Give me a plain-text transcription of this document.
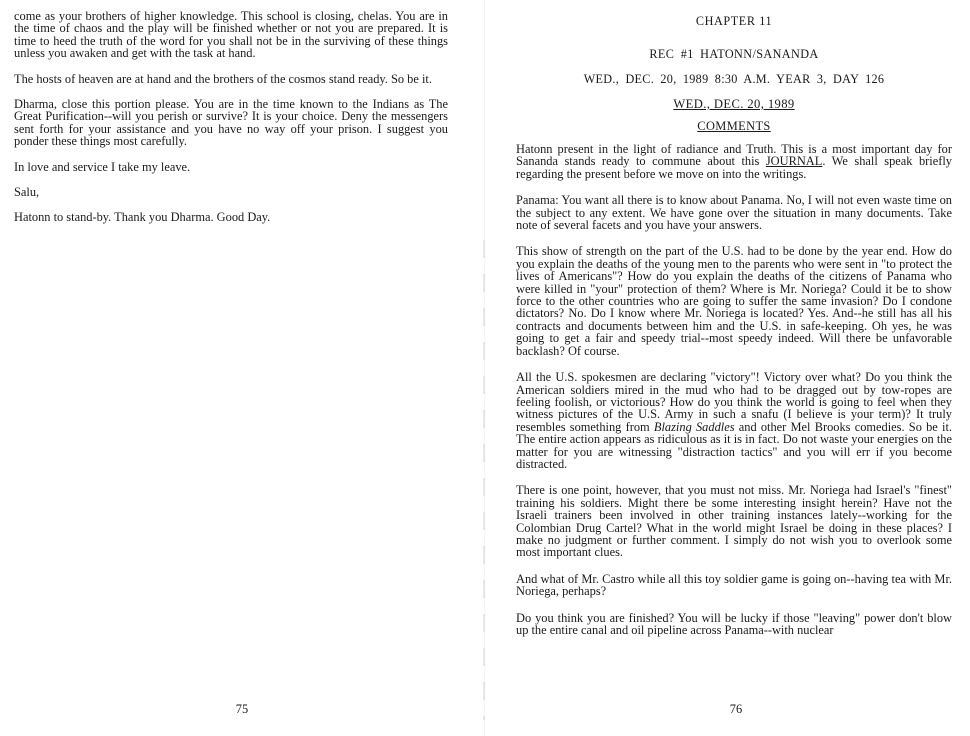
come as your brothers of higher knowledge. This school is closing, chelas. You are in the time of chaos and the play will be finished whether or not you are prepared. It is time to heed the truth of the word for you shall not be in the surviving of these things unless you awaken and get with the task at hand.

The hosts of heaven are at hand and the brothers of the cosmos stand ready. So be it.

Dharma, close this portion please. You are in the time known to the Indians as The Great Purification--will you perish or survive? It is your choice. Deny the messengers sent forth for your assistance and you have no way off your prison. I suggest you ponder these things most carefully.

In love and service I take my leave.

Salu,

Hatonn to stand-by. Thank you Dharma. Good Day.

75
CHAPTER 11
REC #1 HATONN/SANANDA
WED., DEC. 20, 1989 8:30 A.M. YEAR 3, DAY 126
WED., DEC. 20, 1989
COMMENTS

Hatonn present in the light of radiance and Truth. This is a most important day for Sananda stands ready to commune about this JOURNAL. We shall speak briefly regarding the present before we move on into the writings.

Panama: You want all there is to know about Panama. No, I will not even waste time on the subject to any extent. We have gone over the situation in many documents. Take note of several facets and you have your answers.

This show of strength on the part of the U.S. had to be done by the year end. How do you explain the deaths of the young men to the parents who were sent in "to protect the lives of Americans"? How do you explain the deaths of the citizens of Panama who were killed in "your" protection of them? Where is Mr. Noriega? Could it be to show force to the other countries who are going to suffer the same invasion? Do I condone dictators? No. Do I know where Mr. Noriega is located? Yes. And--he still has all his contracts and documents between him and the U.S. in safe-keeping. Oh yes, he was going to get a fair and speedy trial--most speedy indeed. Will there be unfavorable backlash? Of course.

All the U.S. spokesmen are declaring "victory"! Victory over what? Do you think the American soldiers mired in the mud who had to be dragged out by tow-ropes are feeling foolish, or victorious? How do you think the world is going to feel when they witness pictures of the U.S. Army in such a snafu (I believe is your term)? It truly resembles something from Blazing Saddles and other Mel Brooks comedies. So be it. The entire action appears as ridiculous as it is in fact. Do not waste your energies on the matter for you are witnessing "distraction tactics" and you will err if you become distracted.

There is one point, however, that you must not miss. Mr. Noriega had Israel's "finest" training his soldiers. Might there be some interesting insight herein? Have not the Israeli trainers been involved in other training instances lately--working for the Colombian Drug Cartel? What in the world might Israel be doing in these places? I make no judgment or further comment. I simply do not wish you to overlook some most important clues.

And what of Mr. Castro while all this toy soldier game is going on--having tea with Mr. Noriega, perhaps?

Do you think you are finished? You will be lucky if those "leaving" power don't blow up the entire canal and oil pipeline across Panama--with nuclear

76
